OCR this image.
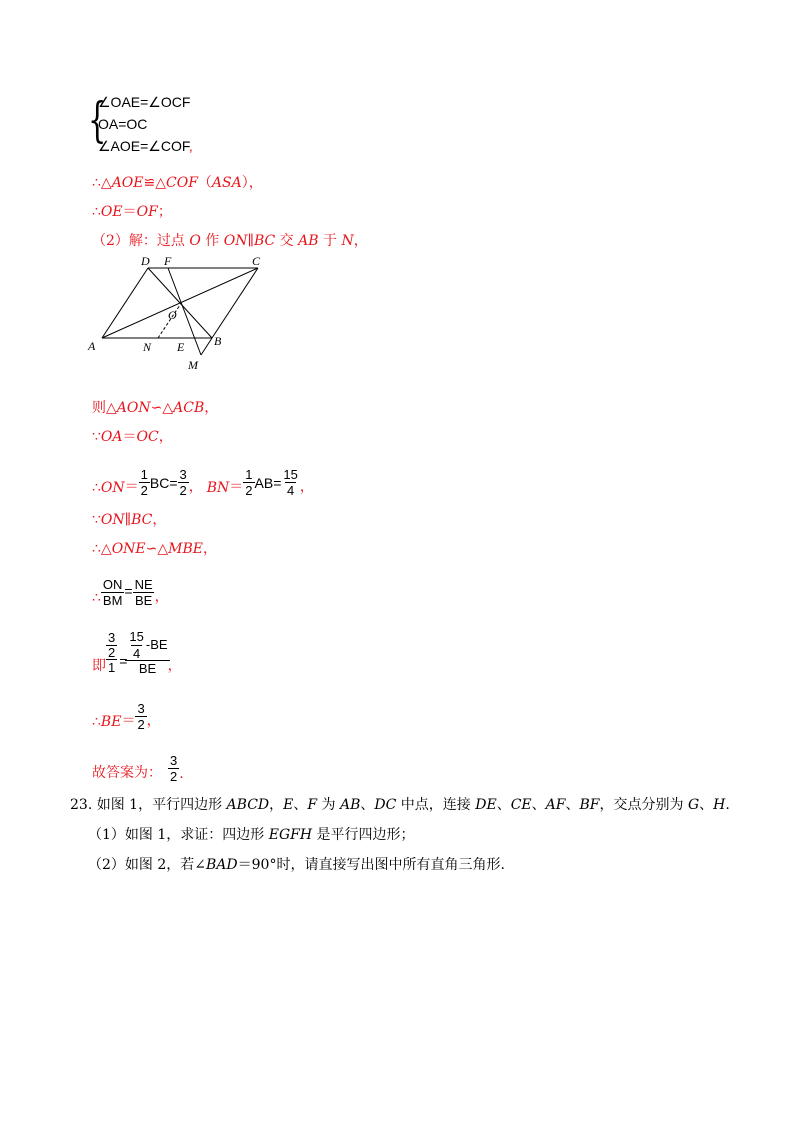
{
∠OAE=∠OCF
OA=OC
∠AOE=∠COF,
∴△AOE≌△COF（ASA），
∴OE＝OF；
（2）解：过点 O 作 ON∥BC 交 AB 于 N，
A	B
C
D
E
F
M
N
O
则△AON∽△ACB，
∵OA＝OC，
∴ ON ＝ $\frac{1}{2} BC= \frac{3}{2}$ ， BN ＝ $\frac{1}{2} AB= \frac{15}{4}$ ，
∵ON∥BC，
∴△ONE∽△MBE，
∴ $\frac{ON}{BM} = \frac{NE}{BE}$ ，
即
3
2
$1 = \frac{\frac{15}{4} -BE}{BE}$ ，
∴ BE ＝ $\frac{3}{2}$ ，
故答案为： $\frac{3}{2}$ .
23. 如图 1，平行四边形 ABCD，E、F 为 AB、DC 中点，连接 DE、CE、AF、BF，交点分别为 G、H.
（1）如图 1，求证：四边形 EGFH 是平行四边形；
（2）如图 2，若∠BAD＝90°时，请直接写出图中所有直角三角形.
